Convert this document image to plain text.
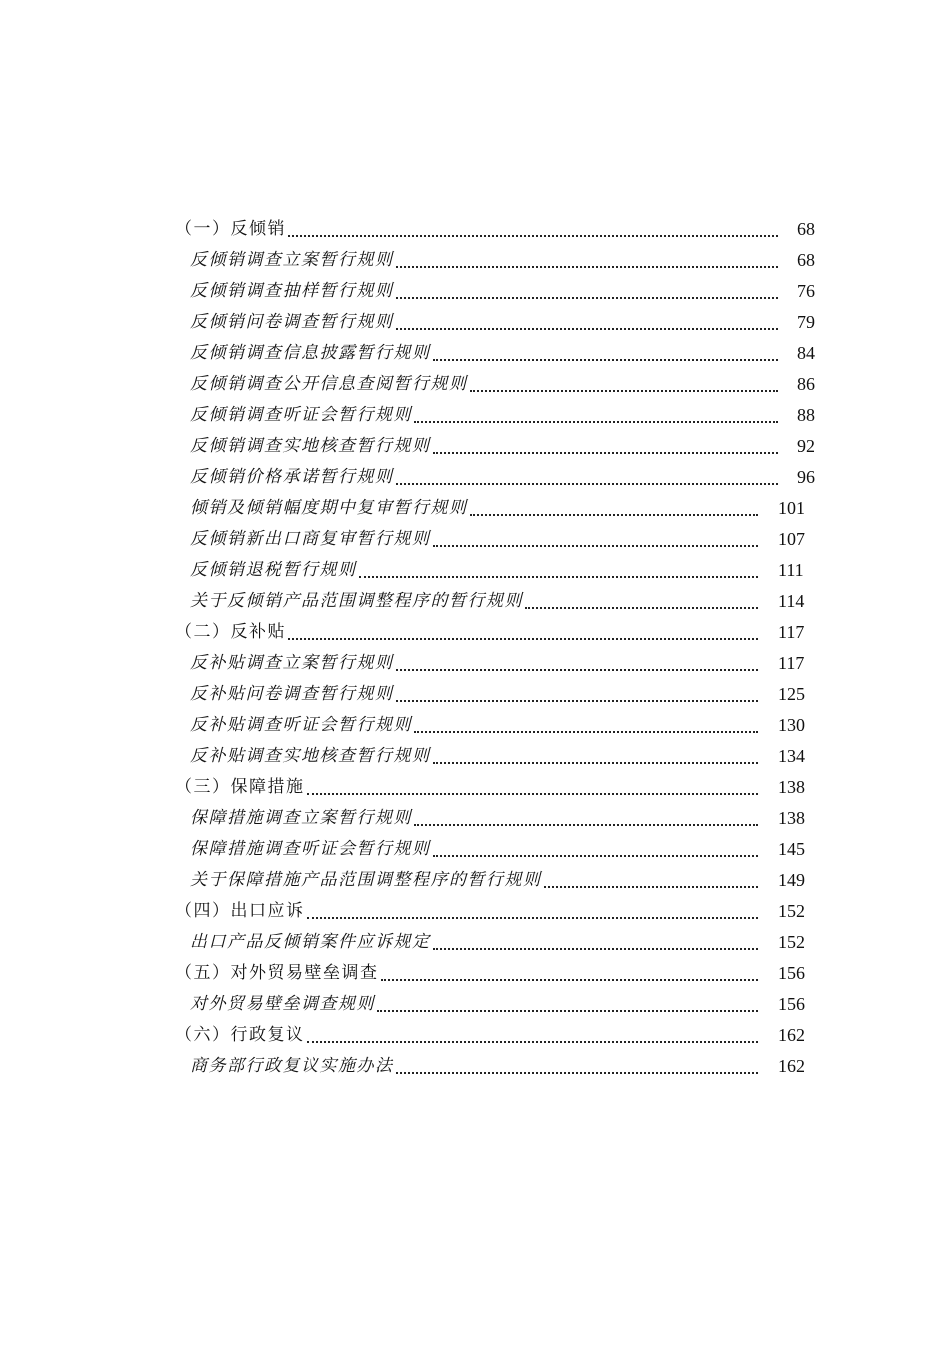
（一）反倾销	68
反倾销调查立案暂行规则	68
反倾销调查抽样暂行规则	76
反倾销问卷调查暂行规则	79
反倾销调查信息披露暂行规则	84
反倾销调查公开信息查阅暂行规则	86
反倾销调查听证会暂行规则	88
反倾销调查实地核查暂行规则	92
反倾销价格承诺暂行规则	96
倾销及倾销幅度期中复审暂行规则	101
反倾销新出口商复审暂行规则	107
反倾销退税暂行规则	111
关于反倾销产品范围调整程序的暂行规则	114
（二）反补贴	117
反补贴调查立案暂行规则	117
反补贴问卷调查暂行规则	125
反补贴调查听证会暂行规则	130
反补贴调查实地核查暂行规则	134
（三）保障措施	138
保障措施调查立案暂行规则	138
保障措施调查听证会暂行规则	145
关于保障措施产品范围调整程序的暂行规则	149
（四）出口应诉	152
出口产品反倾销案件应诉规定	152
（五）对外贸易壁垒调查	156
对外贸易壁垒调查规则	156
（六）行政复议	162
商务部行政复议实施办法	162
